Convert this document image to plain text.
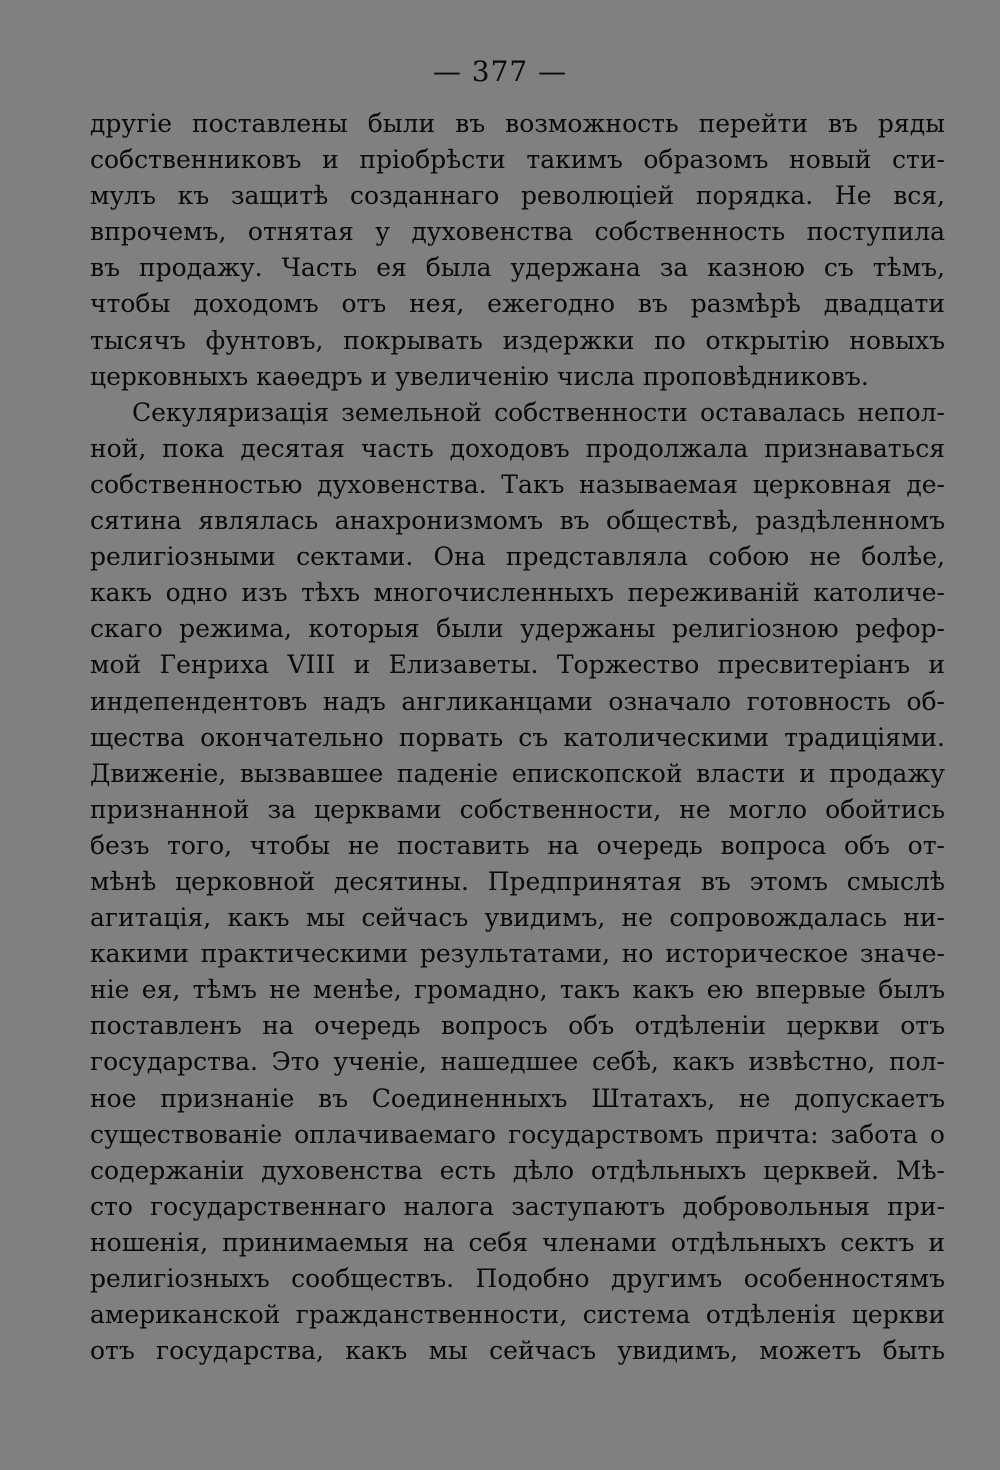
— 377 —
другіе поставлены были въ возможность перейти въ ряды
собственниковъ и пріобрѣсти такимъ образомъ новый сти-
мулъ къ защитѣ созданнаго революціей порядка. Не вся,
впрочемъ, отнятая у духовенства собственность поступила
въ продажу. Часть ея была удержана за казною съ тѣмъ,
чтобы доходомъ отъ нея, ежегодно въ размѣрѣ двадцати
тысячъ фунтовъ, покрывать издержки по открытію новыхъ
церковныхъ каѳедръ и увеличенію числа проповѣдниковъ.
Секуляризація земельной собственности оставалась непол-
ной, пока десятая часть доходовъ продолжала признаваться
собственностью духовенства. Такъ называемая церковная де-
сятина являлась анахронизмомъ въ обществѣ, раздѣленномъ
религіозными сектами. Она представляла собою не болѣе,
какъ одно изъ тѣхъ многочисленныхъ переживаній католиче-
скаго режима, которыя были удержаны религіозною рефор-
мой Генриха VIII и Елизаветы. Торжество пресвитеріанъ и
индепендентовъ надъ англиканцами означало готовность об-
щества окончательно порвать съ католическими традиціями.
Движеніе, вызвавшее паденіе епископской власти и продажу
признанной за церквами собственности, не могло обойтись
безъ того, чтобы не поставить на очередь вопроса объ от-
мѣнѣ церковной десятины. Предпринятая въ этомъ смыслѣ
агитація, какъ мы сейчасъ увидимъ, не сопровождалась ни-
какими практическими результатами, но историческое значе-
ніе ея, тѣмъ не менѣе, громадно, такъ какъ ею впервые былъ
поставленъ на очередь вопросъ объ отдѣленіи церкви отъ
государства. Это ученіе, нашедшее себѣ, какъ извѣстно, пол-
ное признаніе въ Соединенныхъ Штатахъ, не допускаетъ
существованіе оплачиваемаго государствомъ причта: забота о
содержаніи духовенства есть дѣло отдѣльныхъ церквей. Мѣ-
сто государственнаго налога заступаютъ добровольныя при-
ношенія, принимаемыя на себя членами отдѣльныхъ сектъ и
религіозныхъ сообществъ. Подобно другимъ особенностямъ
американской гражданственности, система отдѣленія церкви
отъ государства, какъ мы сейчасъ увидимъ, можетъ быть
